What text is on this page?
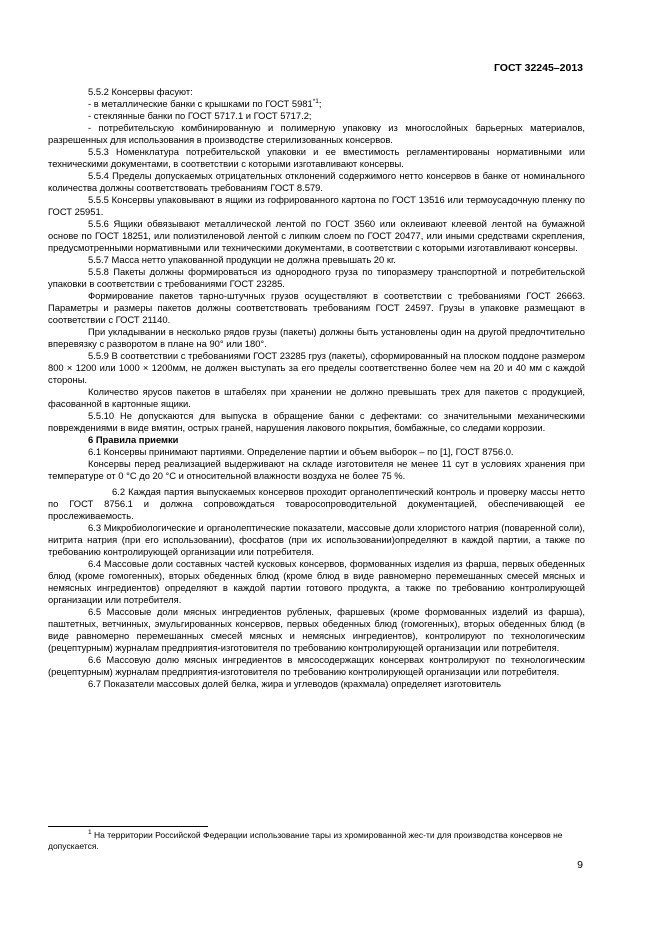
ГОСТ 32245–2013

5.5.2 Консервы фасуют:

- в металлические банки с крышками по ГОСТ 5981$^{*1}$;

- стеклянные банки по ГОСТ 5717.1 и ГОСТ 5717.2;

- потребительскую комбинированную и полимерную упаковку из многослойных барьерных материалов, разрешенных для использования в производстве стерилизованных консервов.

5.5.3 Номенклатура потребительской упаковки и ее вместимость регламентированы нормативными или техническими документами, в соответствии с которыми изготавливают консервы.

5.5.4 Пределы допускаемых отрицательных отклонений содержимого нетто консервов в банке от номинального количества должны соответствовать требованиям ГОСТ 8.579.

5.5.5 Консервы упаковывают в ящики из гофрированного картона по ГОСТ 13516 или термоусадочную пленку по ГОСТ 25951.

5.5.6 Ящики обвязывают металлической лентой по ГОСТ 3560 или оклеивают клеевой лентой на бумажной основе по ГОСТ 18251, или полиэтиленовой лентой с липким слоем по ГОСТ 20477, или иными средствами скрепления, предусмотренными нормативными или техническими документами, в соответствии с которыми изготавливают консервы.

5.5.7 Масса нетто упакованной продукции не должна превышать 20 кг.

5.5.8 Пакеты должны формироваться из однородного груза по типоразмеру транспортной и потребительской упаковки в соответствии с требованиями ГОСТ 23285.

Формирование пакетов тарно-штучных грузов осуществляют в соответствии с требованиями ГОСТ 26663. Параметры и размеры пакетов должны соответствовать требованиям ГОСТ 24597. Грузы в упаковке размещают в соответствии с ГОСТ 21140.

При укладывании в несколько рядов грузы (пакеты) должны быть установлены один на другой предпочтительно вперевязку с разворотом в плане на 90° или 180°.

5.5.9 В соответствии с требованиями ГОСТ 23285 груз (пакеты), сформированный на плоском поддоне размером 800 × 1200 или 1000 × 1200мм, не должен выступать за его пределы соответственно более чем на 20 и 40 мм с каждой стороны.

Количество ярусов пакетов в штабелях при хранении не должно превышать трех для пакетов с продукцией, фасованной в картонные ящики.

5.5.10 Не допускаются для выпуска в обращение банки с дефектами: со значительными механическими повреждениями в виде вмятин, острых граней, нарушения лакового покрытия, бомбажные, со следами коррозии.

6 Правила приемки

6.1 Консервы принимают партиями. Определение партии и объем выборок – по [1], ГОСТ 8756.0.

Консервы перед реализацией выдерживают на складе изготовителя не менее 11 сут в условиях хранения при температуре от 0 °С до 20 °С и относительной влажности воздуха не более 75 %.

6.2 Каждая партия выпускаемых консервов проходит органолептический контроль и проверку массы нетто по ГОСТ 8756.1 и должна сопровождаться товаросопроводительной документацией, обеспечивающей ее прослеживаемость.

6.3 Микробиологические и органолептические показатели, массовые доли хлористого натрия (поваренной соли), нитрита натрия (при его использовании), фосфатов (при их использовании)определяют в каждой партии, а также по требованию контролирующей организации или потребителя.

6.4 Массовые доли составных частей кусковых консервов, формованных изделия из фарша, первых обеденных блюд (кроме гомогенных), вторых обеденных блюд (кроме блюд в виде равномерно перемешанных смесей мясных и немясных ингредиентов) определяют в каждой партии готового продукта, а также по требованию контролирующей организации или потребителя.

6.5 Массовые доли мясных ингредиентов рубленых, фаршевых (кроме формованных изделий из фарша), паштетных, ветчинных, эмульгированных консервов, первых обеденных блюд (гомогенных), вторых обеденных блюд (в виде равномерно перемешанных смесей мясных и немясных ингредиентов), контролируют по технологическим (рецептурным) журналам предприятия-изготовителя по требованию контролирующей организации или потребителя.

6.6 Массовую долю мясных ингредиентов в мясосодержащих консервах контролируют по технологическим (рецептурным) журналам предприятия-изготовителя по требованию контролирующей организации или потребителя.

6.7 Показатели массовых долей белка, жира и углеводов (крахмала) определяет изготовитель

$^1$ На территории Российской Федерации использование тары из хромированной жес-ти для производства консервов не допускается.
9
